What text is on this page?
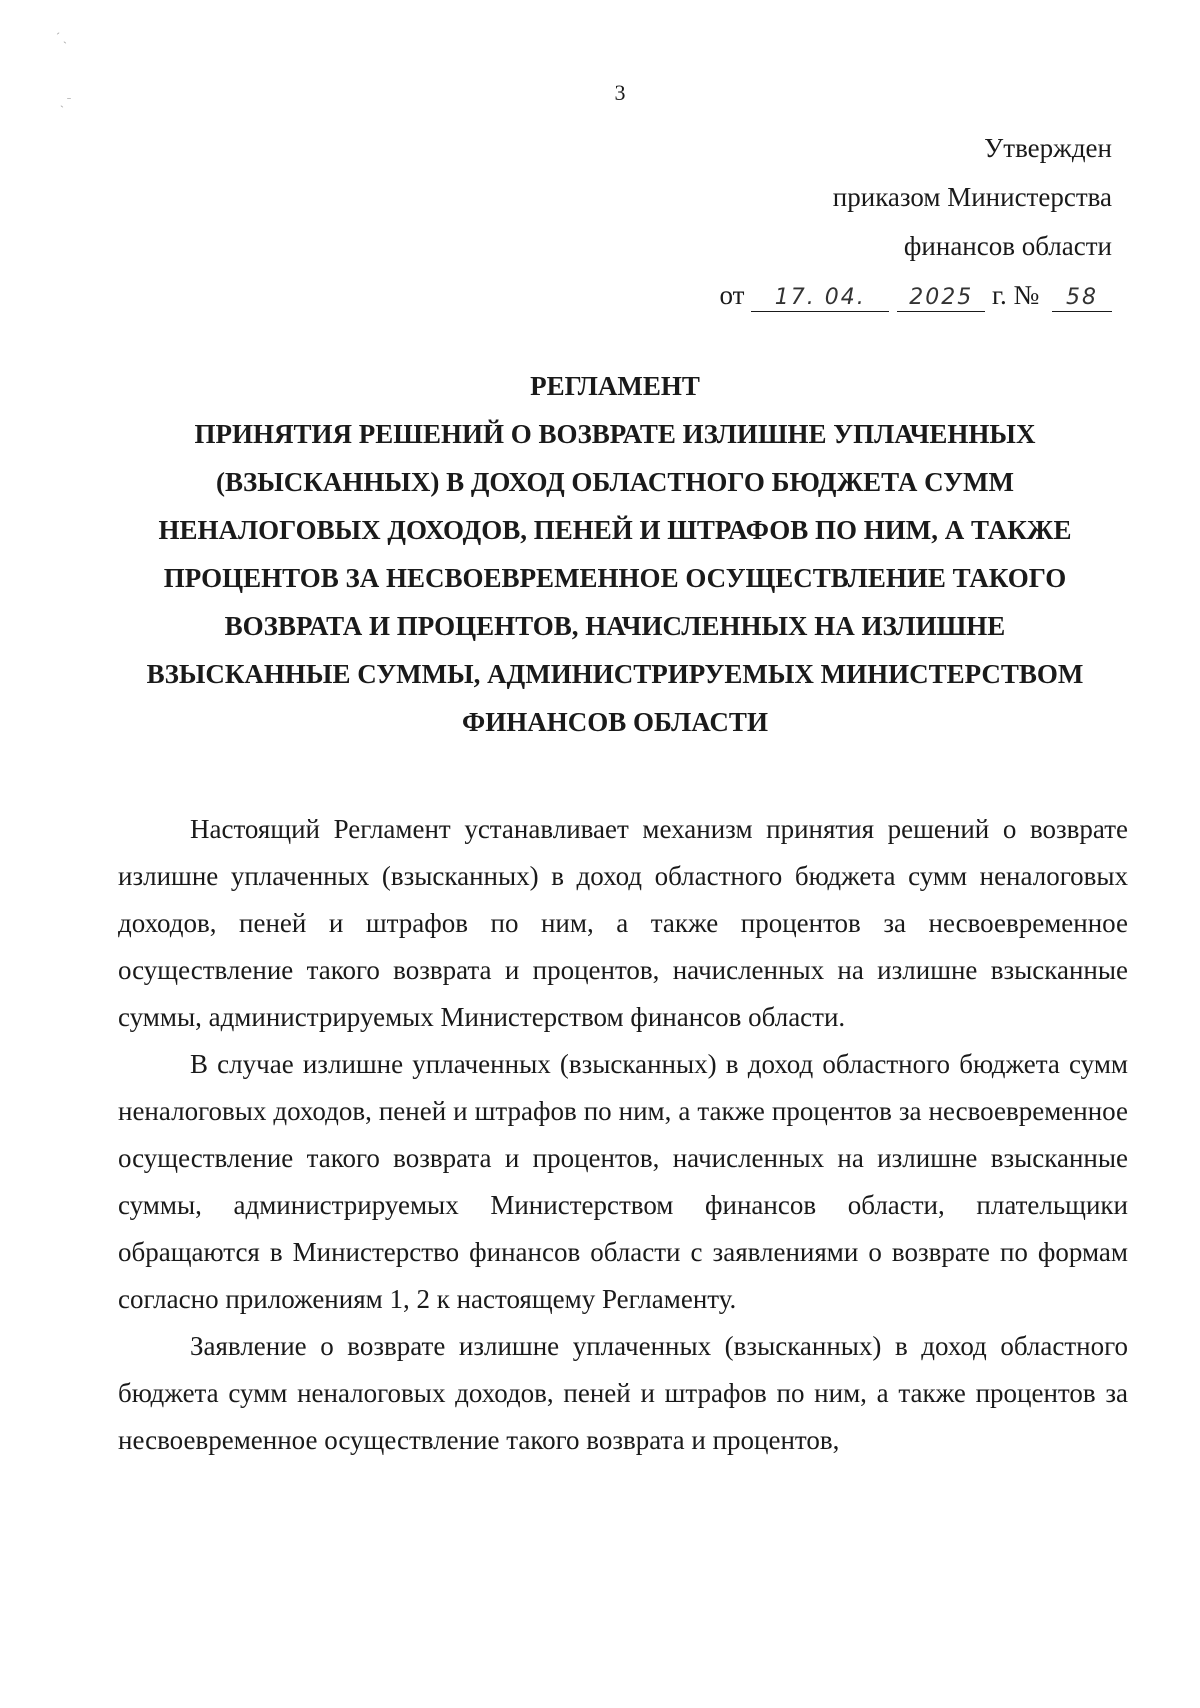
ˊ ˎ
ˏ ˉ	3
Утвержден
приказом Министерства
финансов области
от 17. 04. 2025 г. № 58
РЕГЛАМЕНТ
ПРИНЯТИЯ РЕШЕНИЙ О ВОЗВРАТЕ ИЗЛИШНЕ УПЛАЧЕННЫХ
(ВЗЫСКАННЫХ) В ДОХОД ОБЛАСТНОГО БЮДЖЕТА СУММ
НЕНАЛОГОВЫХ ДОХОДОВ, ПЕНЕЙ И ШТРАФОВ ПО НИМ, А ТАКЖЕ
ПРОЦЕНТОВ ЗА НЕСВОЕВРЕМЕННОЕ ОСУЩЕСТВЛЕНИЕ ТАКОГО
ВОЗВРАТА И ПРОЦЕНТОВ, НАЧИСЛЕННЫХ НА ИЗЛИШНЕ
ВЗЫСКАННЫЕ СУММЫ, АДМИНИСТРИРУЕМЫХ МИНИСТЕРСТВОМ
ФИНАНСОВ ОБЛАСТИ

Настоящий Регламент устанавливает механизм принятия решений о возврате излишне уплаченных (взысканных) в доход областного бюджета сумм неналоговых доходов, пеней и штрафов по ним, а также процентов за несвоевременное осуществление такого возврата и процентов, начисленных на излишне взысканные суммы, администрируемых Министерством финансов области.

В случае излишне уплаченных (взысканных) в доход областного бюджета сумм неналоговых доходов, пеней и штрафов по ним, а также процентов за несвоевременное осуществление такого возврата и процентов, начисленных на излишне взысканные суммы, администрируемых Министерством финансов области, плательщики обращаются в Министерство финансов области с заявлениями о возврате по формам согласно приложениям 1, 2 к настоящему Регламенту.

Заявление о возврате излишне уплаченных (взысканных) в доход областного бюджета сумм неналоговых доходов, пеней и штрафов по ним, а также процентов за несвоевременное осуществление такого возврата и процентов,
